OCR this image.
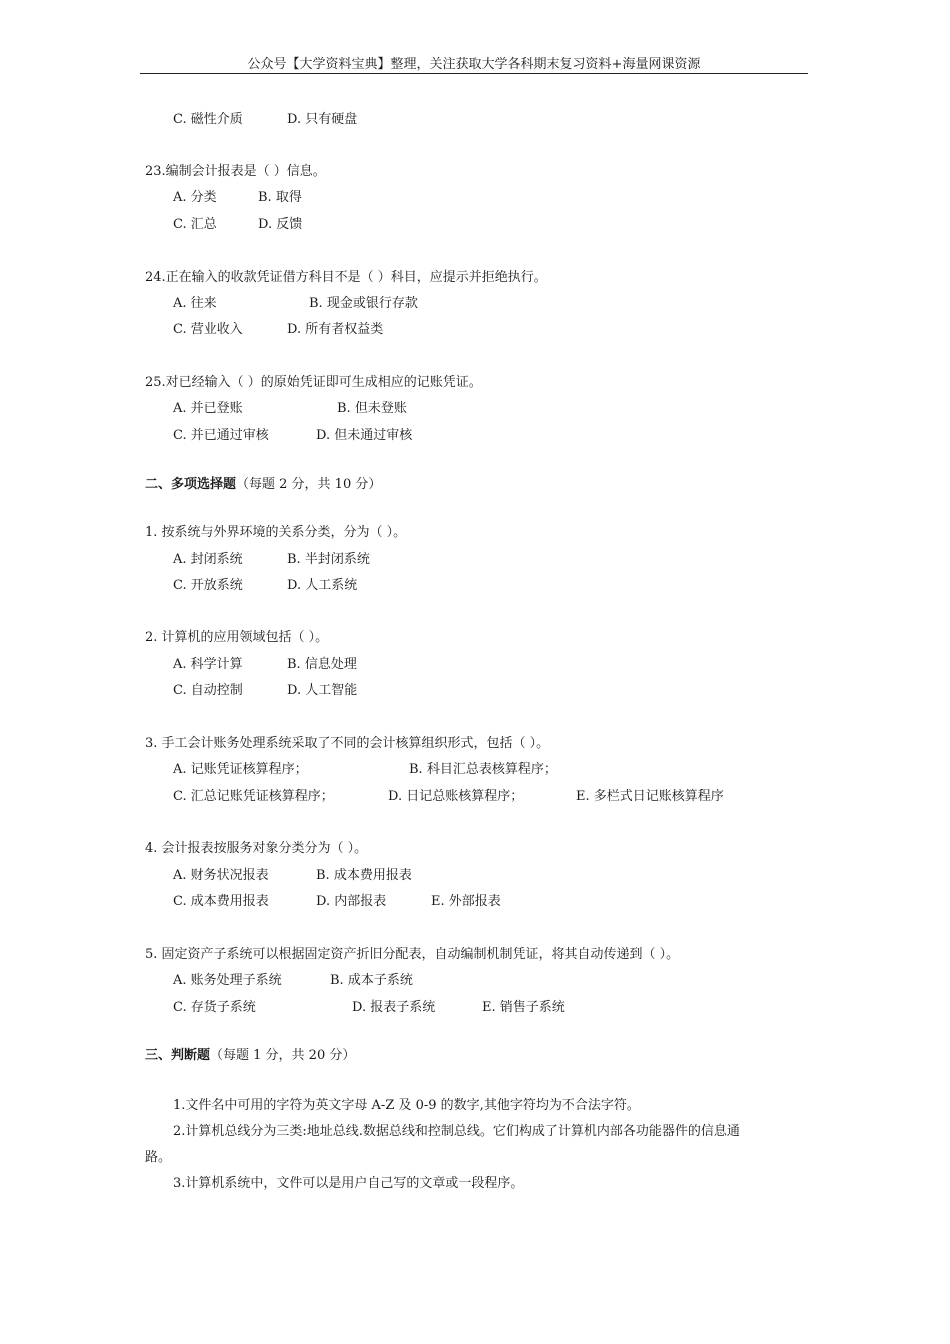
公众号【大学资料宝典】整理，关注获取大学各科期末复习资料+海量网课资源
C. 磁性介质	D. 只有硬盘
23.编制会计报表是（ ）信息。
A. 分类	B. 取得
C. 汇总	D. 反馈
24.正在输入的收款凭证借方科目不是（ ）科目，应提示并拒绝执行。
A. 往来	B. 现金或银行存款
C. 营业收入	D. 所有者权益类
25.对已经输入（ ）的原始凭证即可生成相应的记账凭证。
A. 并已登账	B. 但未登账
C. 并已通过审核	D. 但未通过审核
二、多项选择题（每题 2 分，共 10 分）
1. 按系统与外界环境的关系分类，分为（ ）。
A. 封闭系统	B. 半封闭系统
C. 开放系统	D. 人工系统
2. 计算机的应用领域包括（ ）。
A. 科学计算	B. 信息处理
C. 自动控制	D. 人工智能
3. 手工会计账务处理系统采取了不同的会计核算组织形式，包括（ ）。
A. 记账凭证核算程序；	B. 科目汇总表核算程序；
C. 汇总记账凭证核算程序；	D. 日记总账核算程序；	E. 多栏式日记账核算程序
4. 会计报表按服务对象分类分为（ ）。
A. 财务状况报表	B. 成本费用报表
C. 成本费用报表	D. 内部报表	E. 外部报表
5. 固定资产子系统可以根据固定资产折旧分配表，自动编制机制凭证，将其自动传递到（ ）。
A. 账务处理子系统	B. 成本子系统
C. 存货子系统	D. 报表子系统	E. 销售子系统
三、判断题（每题 1 分，共 20 分）
1.文件名中可用的字符为英文字母 A-Z 及 0-9 的数字,其他字符均为不合法字符。
2.计算机总线分为三类:地址总线.数据总线和控制总线。它们构成了计算机内部各功能器件的信息通
路。
3.计算机系统中，文件可以是用户自己写的文章或一段程序。
